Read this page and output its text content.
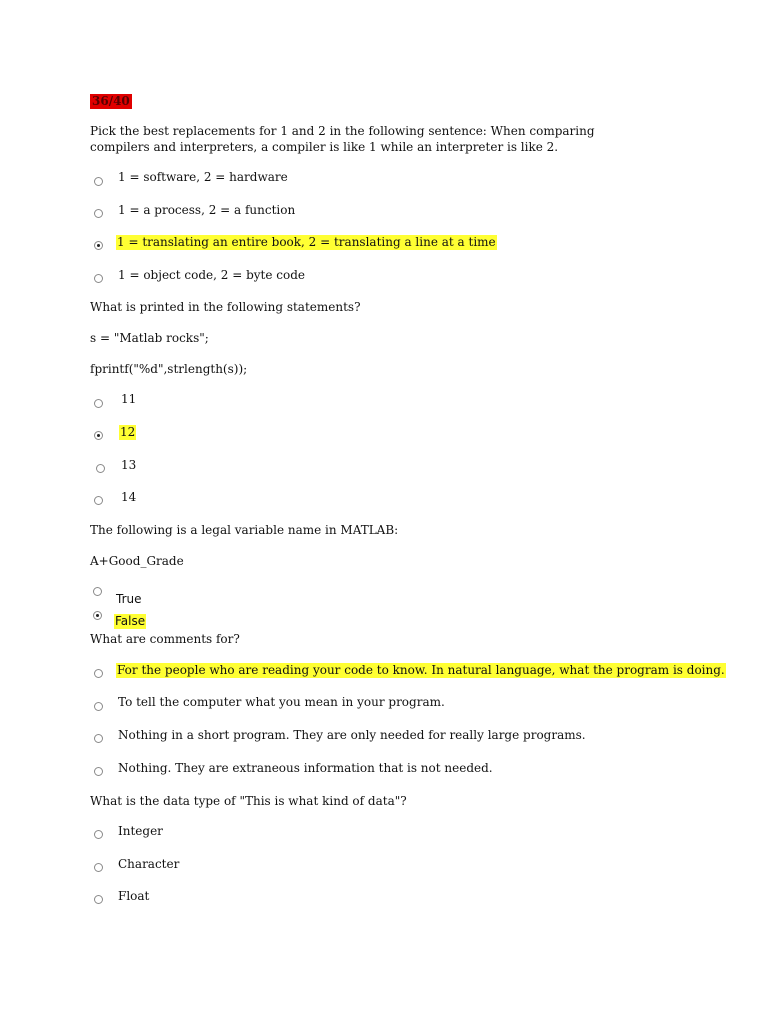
36/40
Pick the best replacements for 1 and 2 in the following sentence: When comparing compilers and interpreters, a compiler is like 1 while an interpreter is like 2.
1 = software, 2 = hardware
1 = a process, 2 = a function
1 = translating an entire book, 2 = translating a line at a time
1 = object code, 2 = byte code
What is printed in the following statements?
s = "Matlab rocks";
fprintf("%d",strlength(s));
11
12
13
14
The following is a legal variable name in MATLAB:
A+Good_Grade
True
False
What are comments for?
For the people who are reading your code to know. In natural language, what the program is doing.
To tell the computer what you mean in your program.
Nothing in a short program. They are only needed for really large programs.
Nothing. They are extraneous information that is not needed.
What is the data type of "This is what kind of data"?
Integer
Character
Float
